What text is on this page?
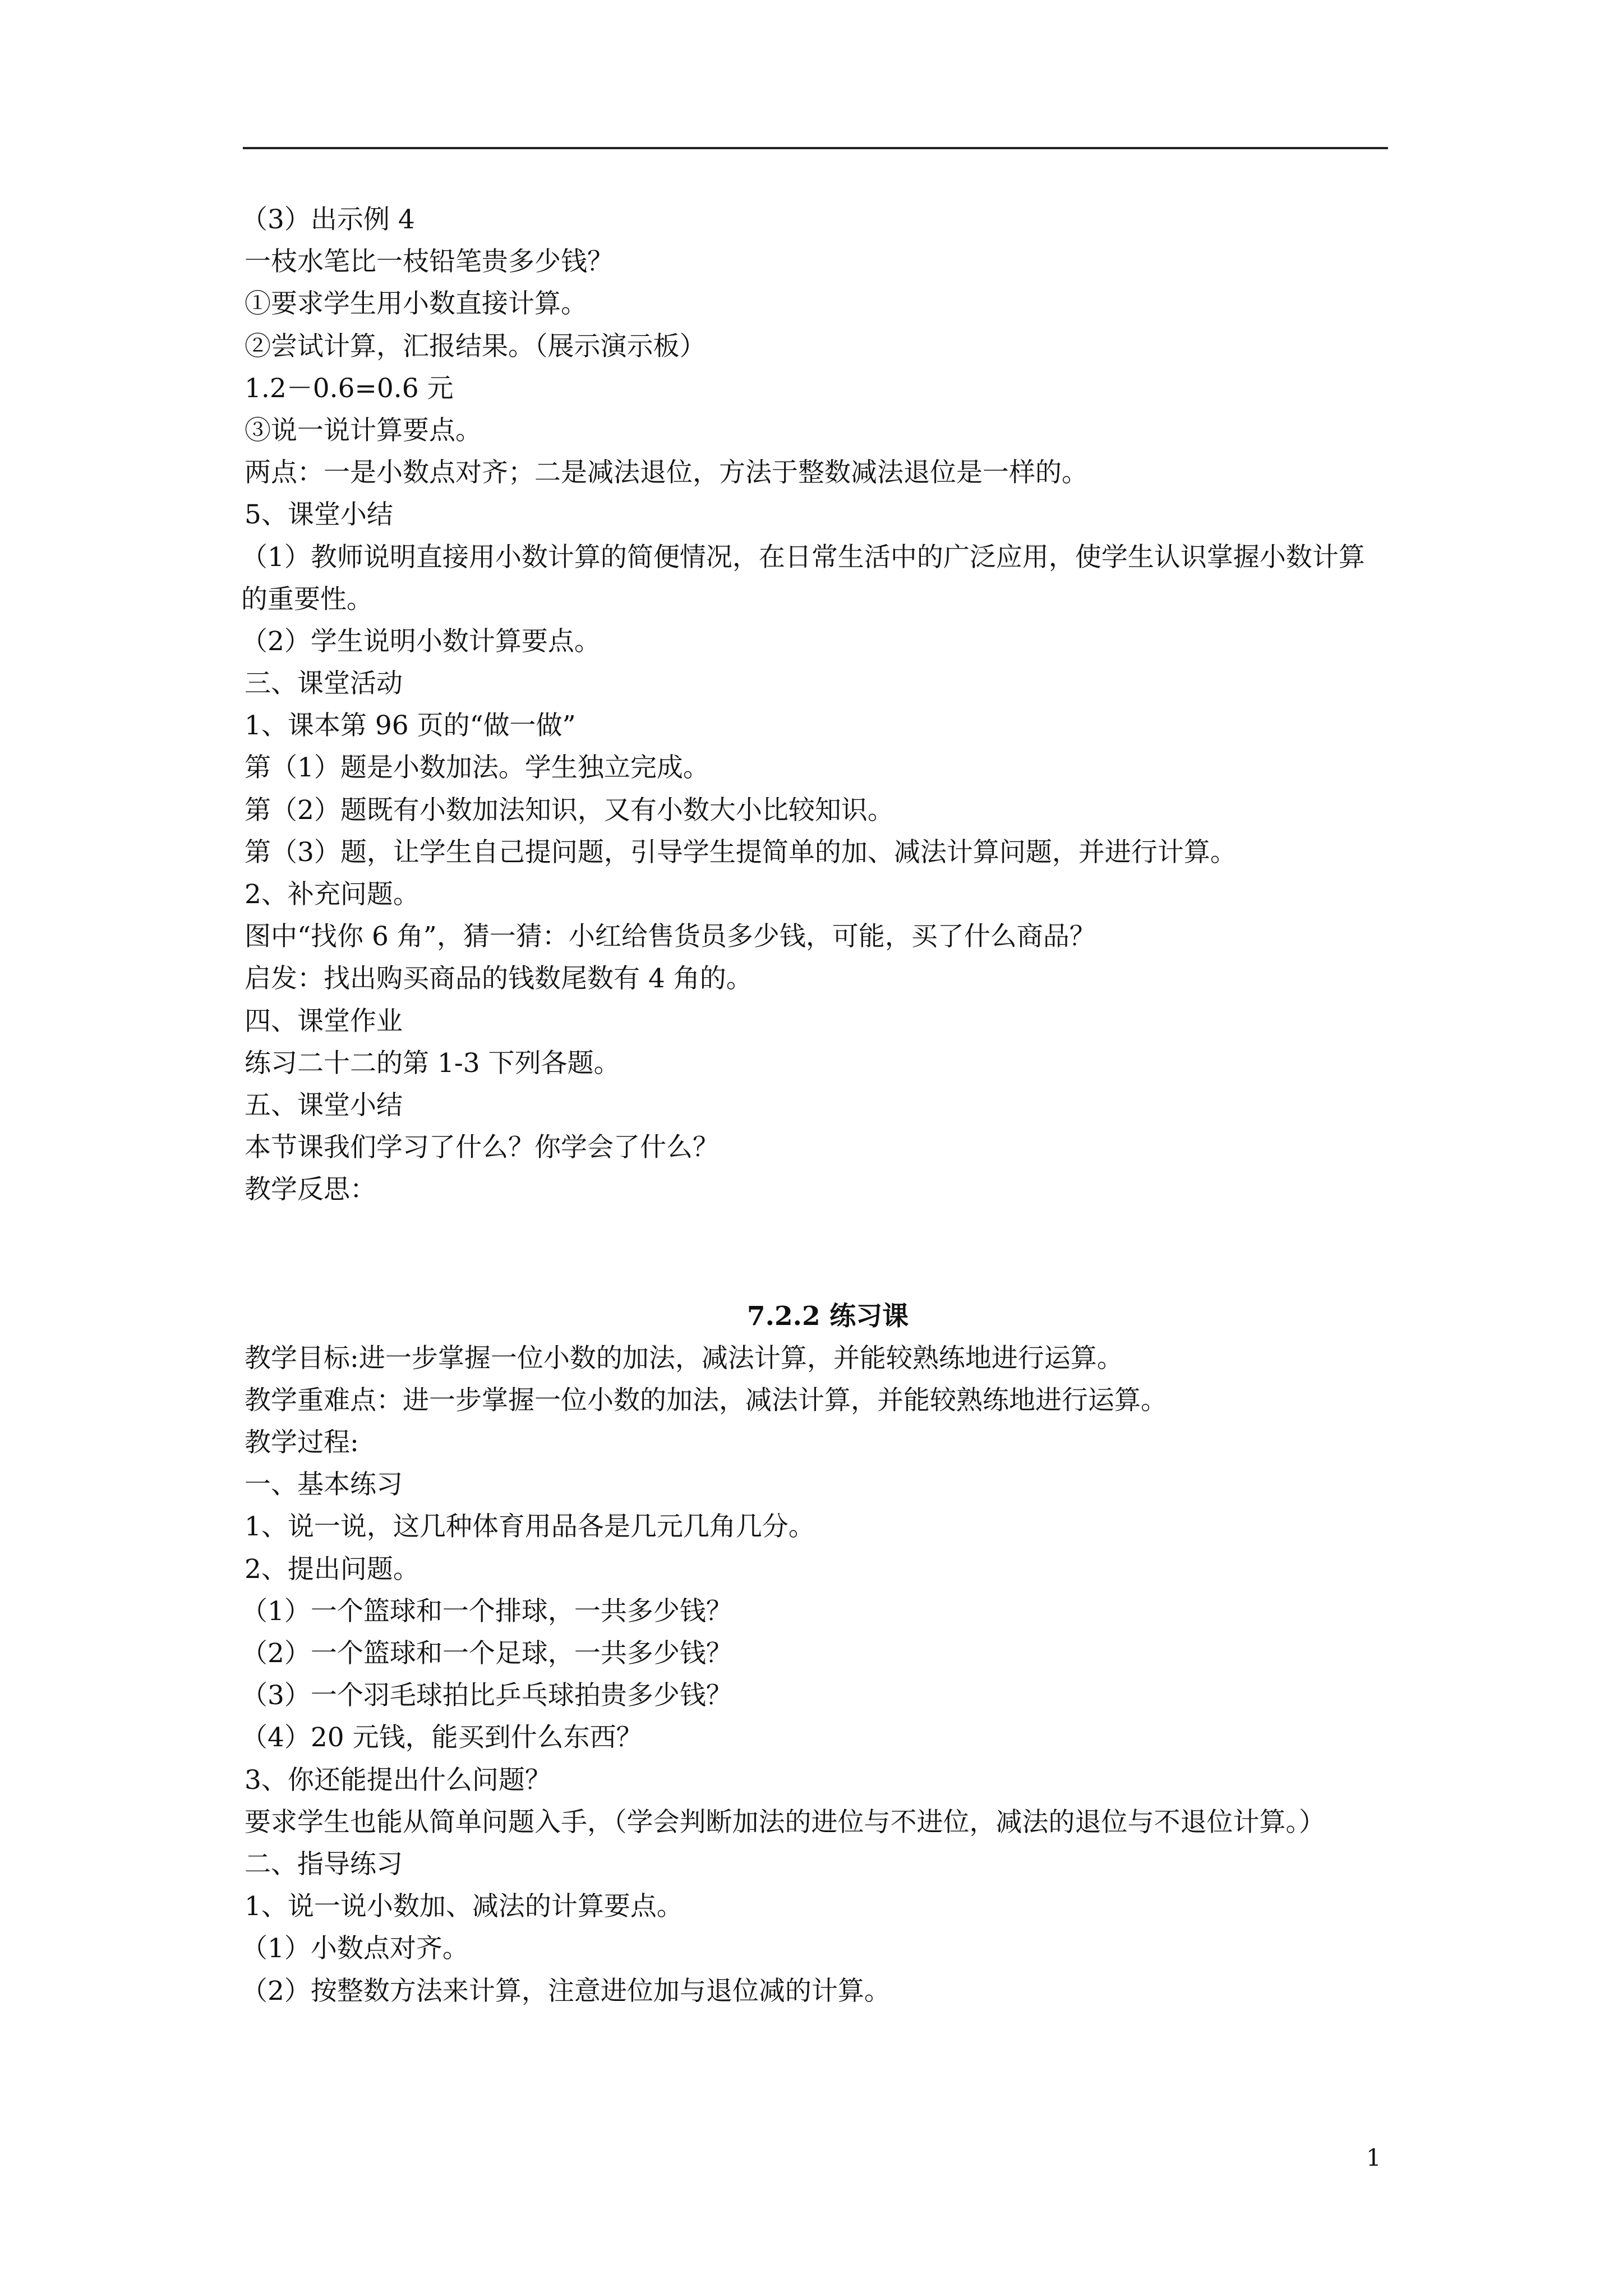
（3）出示例 4
一枝水笔比一枝铅笔贵多少钱？
①要求学生用小数直接计算。
②尝试计算，汇报结果。（展示演示板）
1.2－0.6=0.6 元
③说一说计算要点。
两点：一是小数点对齐；二是减法退位，方法于整数减法退位是一样的。
5、课堂小结
（1）教师说明直接用小数计算的简便情况，在日常生活中的广泛应用，使学生认识掌握小数计算的重要性。
（2）学生说明小数计算要点。
三、课堂活动
1、课本第 96 页的“做一做”
第（1）题是小数加法。学生独立完成。
第（2）题既有小数加法知识，又有小数大小比较知识。
第（3）题，让学生自己提问题，引导学生提简单的加、减法计算问题，并进行计算。
2、补充问题。
图中“找你 6 角”，猜一猜：小红给售货员多少钱，可能，买了什么商品？
启发：找出购买商品的钱数尾数有 4 角的。
四、课堂作业
练习二十二的第 1-3 下列各题。
五、课堂小结
本节课我们学习了什么？你学会了什么？
教学反思：
7.2.2 练习课
教学目标:进一步掌握一位小数的加法，减法计算，并能较熟练地进行运算。
教学重难点：进一步掌握一位小数的加法，减法计算，并能较熟练地进行运算。
教学过程:
一、基本练习
1、说一说，这几种体育用品各是几元几角几分。
2、提出问题。
（1）一个篮球和一个排球，一共多少钱？
（2）一个篮球和一个足球，一共多少钱？
（3）一个羽毛球拍比乒乓球拍贵多少钱？
（4）20 元钱，能买到什么东西？
3、你还能提出什么问题？
要求学生也能从简单问题入手，（学会判断加法的进位与不进位，减法的退位与不退位计算。）
二、指导练习
1、说一说小数加、减法的计算要点。
（1）小数点对齐。
（2）按整数方法来计算，注意进位加与退位减的计算。
1
